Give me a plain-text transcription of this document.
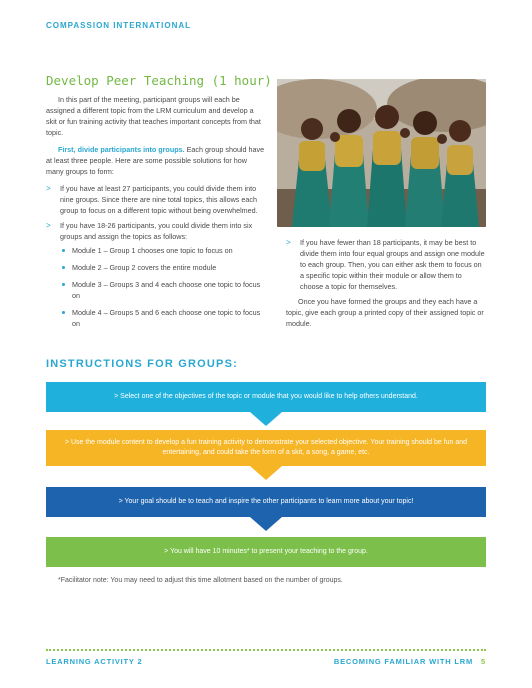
COMPASSION INTERNATIONAL
Develop Peer Teaching (1 hour)

In this part of the meeting, participant groups will each be assigned a different topic from the LRM curriculum and develop a skit or fun training activity that teaches important concepts from that topic.

First, divide participants into groups. Each group should have at least three people. Here are some possible solutions for how many groups to form:

> If you have at least 27 participants, you could divide them into nine groups. Since there are nine total topics, this allows each group to focus on a different topic without being overwhelmed.
> If you have 18-26 participants, you could divide them into six groups and assign the topics as follows:
Module 1 – Group 1 chooses one topic to focus on
Module 2 – Group 2 covers the entire module
Module 3 – Groups 3 and 4 each choose one topic to focus on
Module 4 – Groups 5 and 6 each choose one topic to focus on
> If you have fewer than 18 participants, it may be best to divide them into four equal groups and assign one module to each group. Then, you can either ask them to focus on a specific topic within their module or allow them to choose a topic for themselves.

Once you have formed the groups and they each have a topic, give each group a printed copy of their assigned topic or module.

INSTRUCTIONS FOR GROUPS:
> Select one of the objectives of the topic or module that you would like to help others understand.
> Use the module content to develop a fun training activity to demonstrate your selected objective. Your training should be fun and entertaining, and could take the form of a skit, a song, a game, etc.
> Your goal should be to teach and inspire the other participants to learn more about your topic!
> You will have 10 minutes* to present your teaching to the group.
*Facilitator note: You may need to adjust this time allotment based on the number of groups.
LEARNING ACTIVITY 2	BECOMING FAMILIAR WITH LRM 5
